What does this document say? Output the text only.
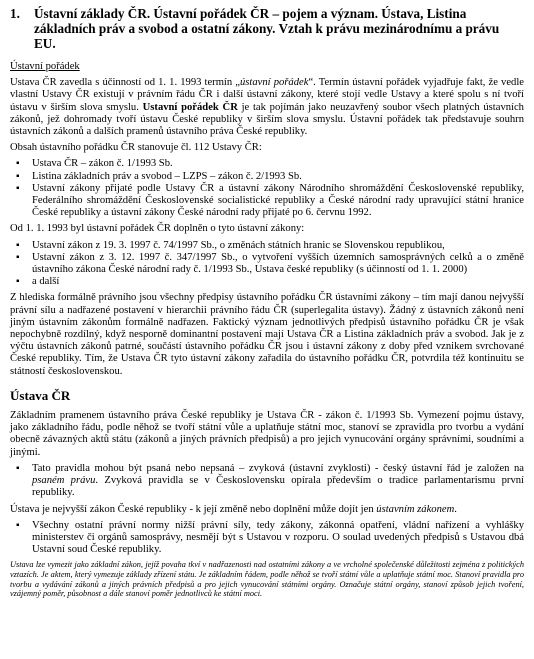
1.	Ústavní základy ČR. Ústavní pořádek ČR – pojem a význam. Ústava, Listina základních práv a svobod a ostatní zákony. Vztah k právu mezinárodnímu a právu EU.
Ústavní pořádek

Ustava ČR zavedla s účinností od 1. 1. 1993 termín „ústavní pořádek“. Termín ústavní pořádek vyjadřuje fakt, že vedle vlastní Ustavy ČR existují v právním řádu ČR i další ústavní zákony, které stojí vedle Ustavy a které spolu s ní tvoří ústavu v širším slova smyslu. Ustavní pořádek ČR je tak pojímán jako neuzavřený soubor všech platných ústavních zákonů, jež dohromady tvoří ústavu České republiky v širším slova smyslu. Ústavní pořádek tak představuje souhrn ústavních zákonů a dalších pramenů ústavního práva České republiky.

Obsah ústavního pořádku ČR stanovuje čl. 112 Ustavy ČR:

▪ Ustava ČR – zákon č. 1/1993 Sb.
▪ Listina základních práv a svobod – LZPS – zákon č. 2/1993 Sb.
▪ Ustavní zákony přijaté podle Ustavy ČR a ústavní zákony Národního shromáždění Československé republiky, Federálního shromáždění Československé socialistické republiky a České národní rady upravující státní hranice České republiky a ústavní zákony České národní rady přijaté po 6. červnu 1992.

Od 1. 1. 1993 byl ústavní pořádek ČR doplněn o tyto ústavní zákony:

▪ Ustavní zákon z 19. 3. 1997 č. 74/1997 Sb., o změnách státních hranic se Slovenskou republikou,
▪ Ustavní zákon z 3. 12. 1997 č. 347/1997 Sb., o vytvoření vyšších územních samosprávných celků a o změně ústavního zákona České národní rady č. 1/1993 Sb., Ustava české republiky (s účinností od 1. 1. 2000)
▪ a další

Z hlediska formálně právního jsou všechny předpisy ústavního pořádku ČR ústavními zákony – tím mají danou nejvyšší právní sílu a nadřazené postavení v hierarchii právního řádu ČR (superlegalita ústavy). Žádný z ústavních zákonů není jiným ústavním zákonům formálně nadřazen. Faktický význam jednotlivých předpisů ústavního pořádku ČR je však nepochybně rozdílný, když nesporně dominantní postavení mají Ustava ČR a Listina základních práv a svobod. Jak je z výčtu ústavních zákonů patrné, součástí ústavního pořádku ČR jsou i ústavní zákony z doby před vznikem svrchované České republiky. Tím, že Ustava ČR tyto ústavní zákony zařadila do ústavního pořádku ČR, potvrdila též kontinuitu se státností československou.

Ústava ČR

Základním pramenem ústavního práva České republiky je Ustava ČR - zákon č. 1/1993 Sb. Vymezení pojmu ústavy, jako základního řádu, podle něhož se tvoří státní vůle a uplatňuje státní moc, stanoví se zpravidla pro tvorbu a vydání obecně závazných aktů státu (zákonů a jiných právních předpisů) a pro jejich vynucování orgány správními, soudními a jinými.

▪ Tato pravidla mohou být psaná nebo nepsaná – zvyková (ústavní zvyklosti) - český ústavní řád je založen na psaném právu. Zvyková pravidla se v Československu opírala především o tradice parlamentarismu první republiky.

Ústava je nejvyšší zákon České republiky - k její změně nebo doplnění může dojít jen ústavním zákonem.

▪ Všechny ostatní právní normy nižší právní síly, tedy zákony, zákonná opatření, vládní nařízení a vyhlášky ministerstev či orgánů samosprávy, nesmějí být s Ustavou v rozporu. O soulad uvedených předpisů s Ustavou dbá Ustavní soud České republiky.
Ustava lze vymezit jako základní zákon, jejíž povaha tkví v nadřazenosti nad ostatními zákony a ve vrcholné společenské důležitosti zejména z politických vztazích. Je aktem, který vymezuje základy zřízení státu. Je základním řádem, podle něhož se tvoří státní vůle a uplatňuje státní moc. Stanoví pravidla pro tvorbu a vydávání zákonů a jiných právních předpisů a pro jejich vynucování státními orgány. Označuje státní orgány, stanoví způsob jejich tvoření, vzájemný poměr, působnost a dále stanoví poměr jednotlivců ke státní moci.
